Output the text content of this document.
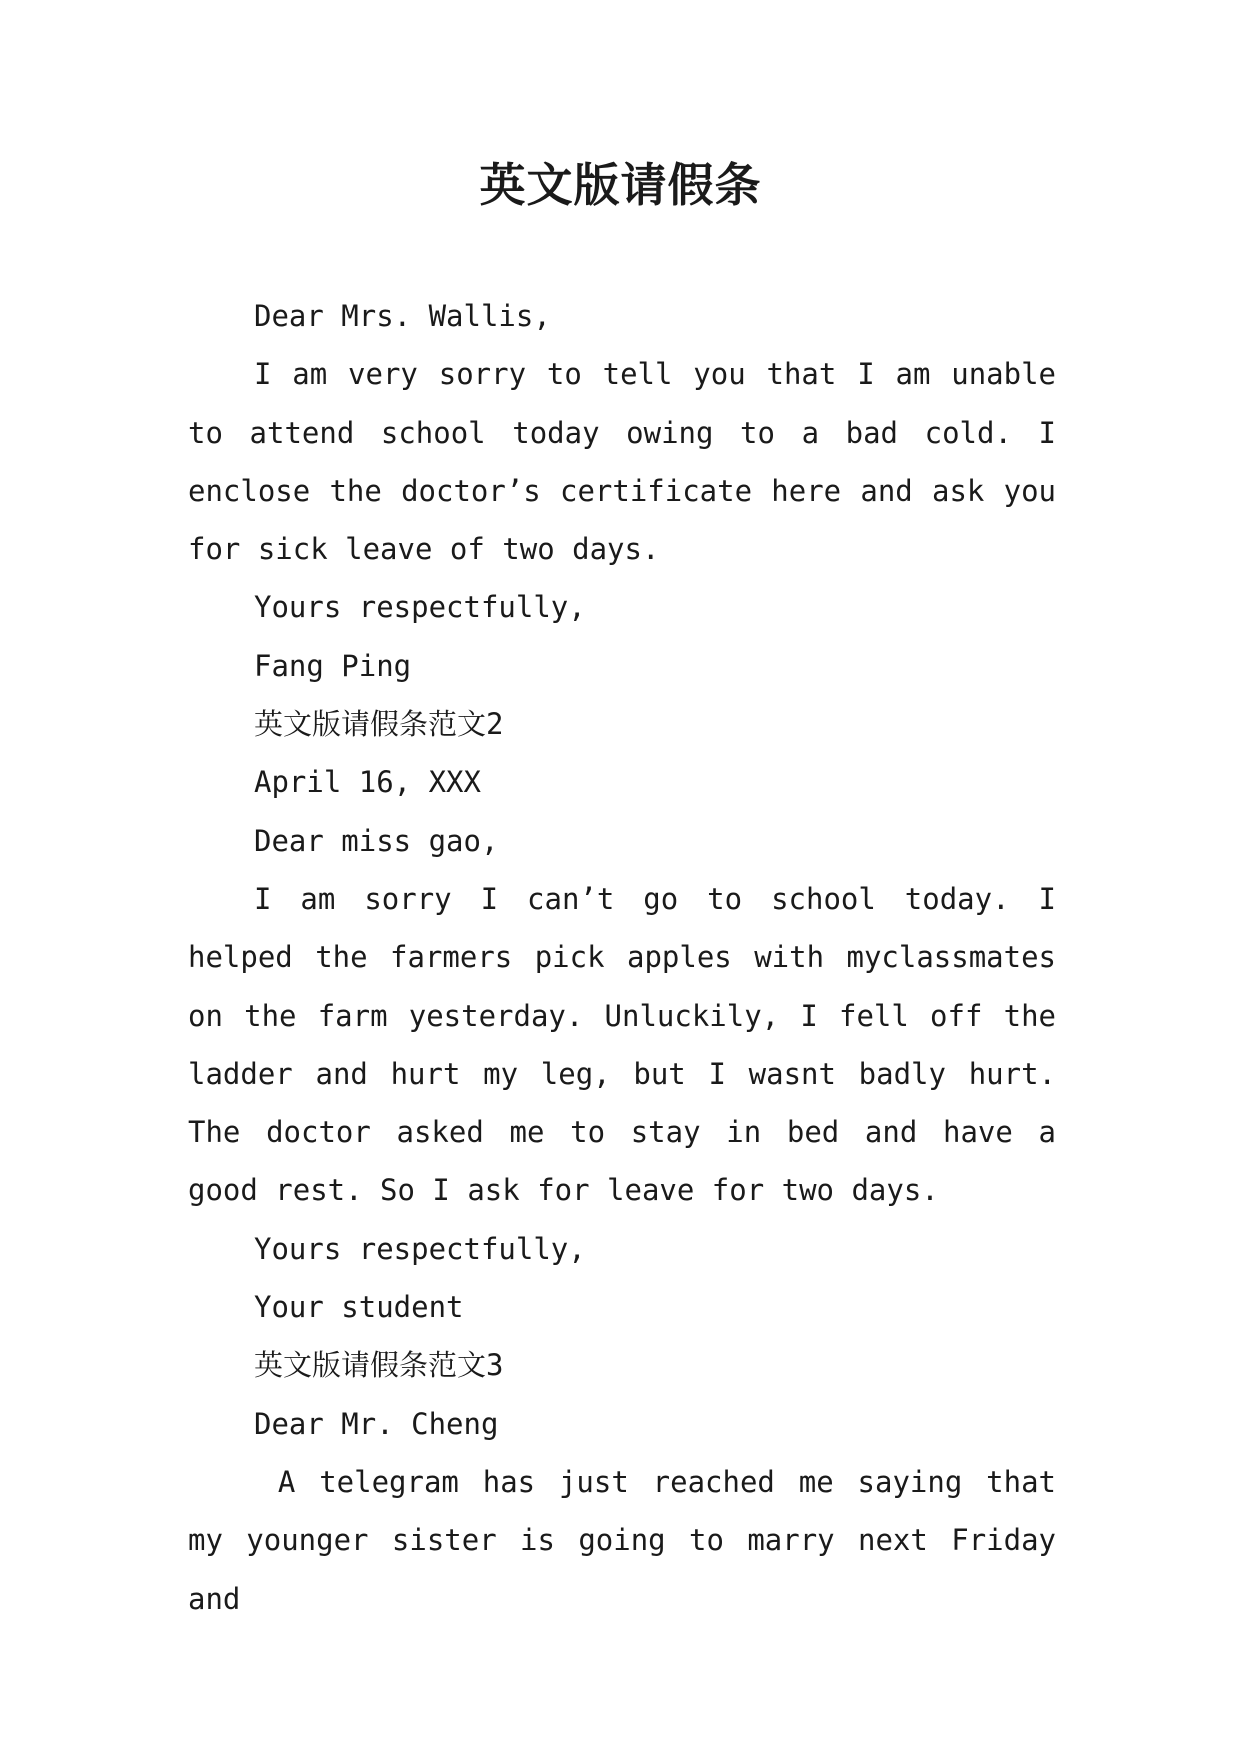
英文版请假条

Dear Mrs. Wallis,

I am very sorry to tell you that I am unable to attend school today owing to a bad cold. I enclose the doctor’s certificate here and ask you for sick leave of two days.

Yours respectfully,

Fang Ping

英文版请假条范文2

April 16, XXX

Dear miss gao,

I am sorry I can’t go to school today. I helped the farmers pick apples with myclassmates on the farm yesterday. Unluckily, I fell off the ladder and hurt my leg, but I wasnt badly hurt. The doctor asked me to stay in bed and have a good rest. So I ask for leave for two days.

Yours respectfully,

Your student

英文版请假条范文3

Dear Mr. Cheng

A telegram has just reached me saying that my younger sister is going to marry next Friday and
